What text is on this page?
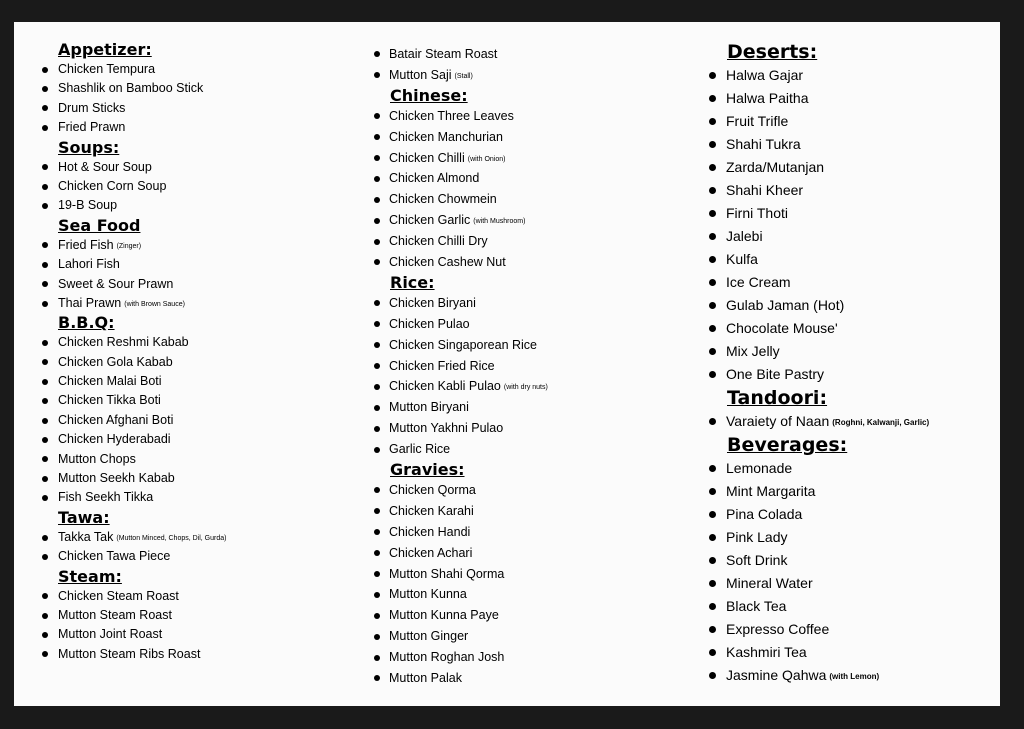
Appetizer:
Chicken Tempura
Shashlik on Bamboo Stick
Drum Sticks
Fried Prawn
Soups:
Hot & Sour Soup
Chicken Corn Soup
19-B Soup
Sea Food
Fried Fish (Zinger)
Lahori Fish
Sweet & Sour Prawn
Thai Prawn (with Brown Sauce)
B.B.Q:
Chicken Reshmi Kabab
Chicken Gola Kabab
Chicken Malai Boti
Chicken Tikka Boti
Chicken Afghani Boti
Chicken Hyderabadi
Mutton Chops
Mutton Seekh Kabab
Fish Seekh Tikka
Tawa:
Takka Tak (Mutton Minced, Chops, Dil, Gurda)
Chicken Tawa Piece
Steam:
Chicken Steam Roast
Mutton Steam Roast
Mutton Joint Roast
Mutton Steam Ribs Roast
Batair Steam Roast
Mutton Saji (Stall)
Chinese:
Chicken Three Leaves
Chicken Manchurian
Chicken Chilli (with Onion)
Chicken Almond
Chicken Chowmein
Chicken Garlic (with Mushroom)
Chicken Chilli Dry
Chicken Cashew Nut
Rice:
Chicken Biryani
Chicken Pulao
Chicken Singaporean Rice
Chicken Fried Rice
Chicken Kabli Pulao (with dry nuts)
Mutton Biryani
Mutton Yakhni Pulao
Garlic Rice
Gravies:
Chicken Qorma
Chicken Karahi
Chicken Handi
Chicken Achari
Mutton Shahi Qorma
Mutton Kunna
Mutton Kunna Paye
Mutton Ginger
Mutton Roghan Josh
Mutton Palak
Deserts:
Halwa Gajar
Halwa Paitha
Fruit Trifle
Shahi Tukra
Zarda/Mutanjan
Shahi Kheer
Firni Thoti
Jalebi
Kulfa
Ice Cream
Gulab Jaman (Hot)
Chocolate Mouse'
Mix Jelly
One Bite Pastry
Tandoori:
Varaiety of Naan (Roghni, Kalwanji, Garlic)
Beverages:
Lemonade
Mint Margarita
Pina Colada
Pink Lady
Soft Drink
Mineral Water
Black Tea
Expresso Coffee
Kashmiri Tea
Jasmine Qahwa (with Lemon)
